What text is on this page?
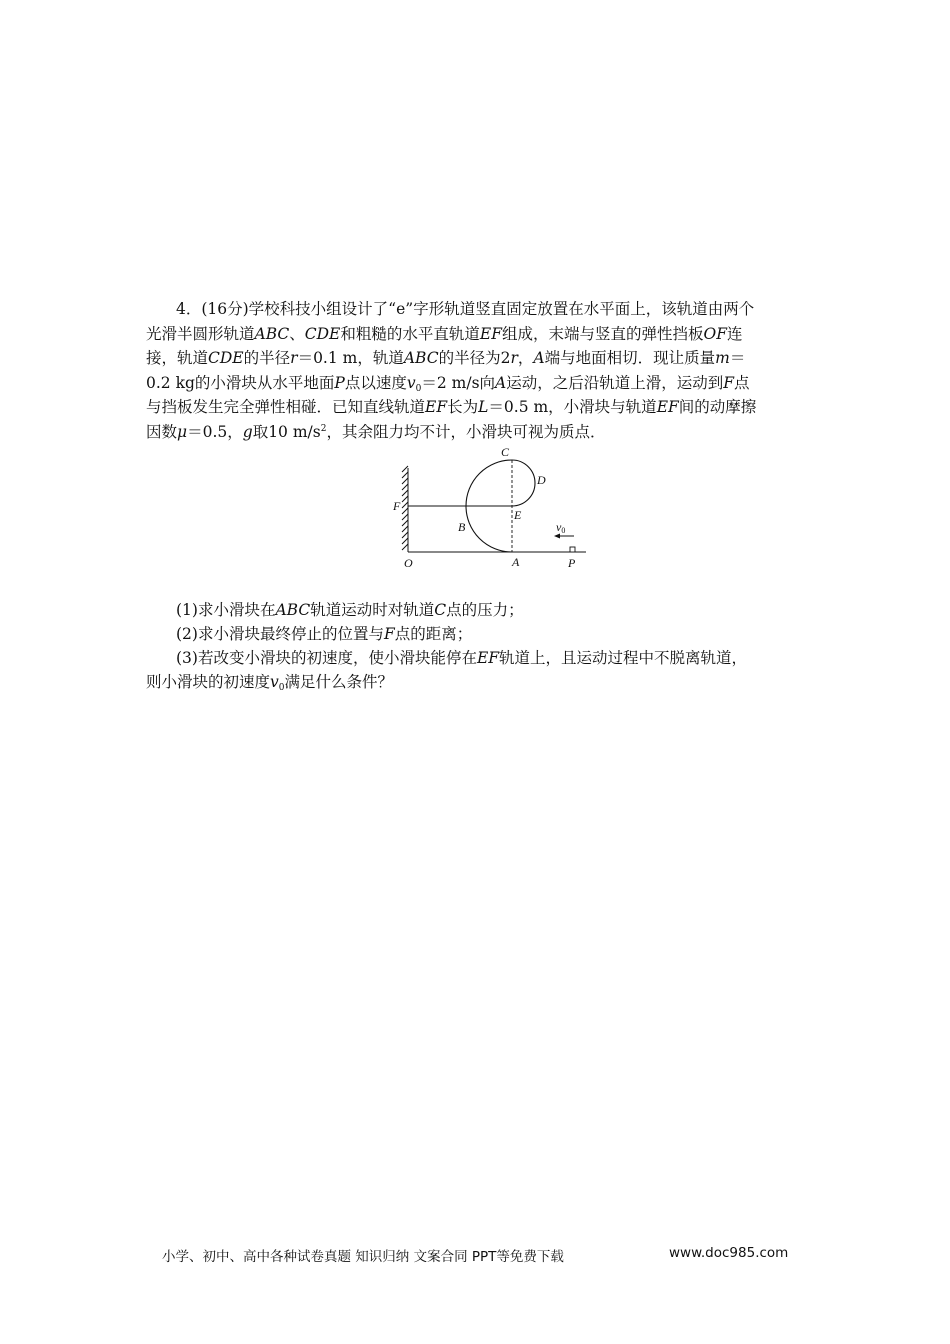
4．(16分)学校科技小组设计了“e”字形轨道竖直固定放置在水平面上，该轨道由两个
光滑半圆形轨道ABC、CDE和粗糙的水平直轨道EF组成，末端与竖直的弹性挡板OF连
接，轨道CDE的半径r＝0.1 m，轨道ABC的半径为2r，A端与地面相切．现让质量m＝
0.2 kg的小滑块从水平地面P点以速度$v_0=2$ m/s向A运动，之后沿轨道上滑，运动到F点
与挡板发生完全弹性相碰．已知直线轨道EF长为L＝0.5 m，小滑块与轨道EF间的动摩擦
因数μ＝0.5，g取10 $m/s^2$，其余阻力均不计，小滑块可视为质点．
C
D
F
E
B
O	A	P
v0
(1)求小滑块在ABC轨道运动时对轨道C点的压力；
(2)求小滑块最终停止的位置与F点的距离；
(3)若改变小滑块的初速度，使小滑块能停在EF轨道上，且运动过程中不脱离轨道，
则小滑块的初速度$v_0$满足什么条件？
小学、初中、高中各种试卷真题 知识归纳 文案合同 PPT等免费下载	www.doc985.com
